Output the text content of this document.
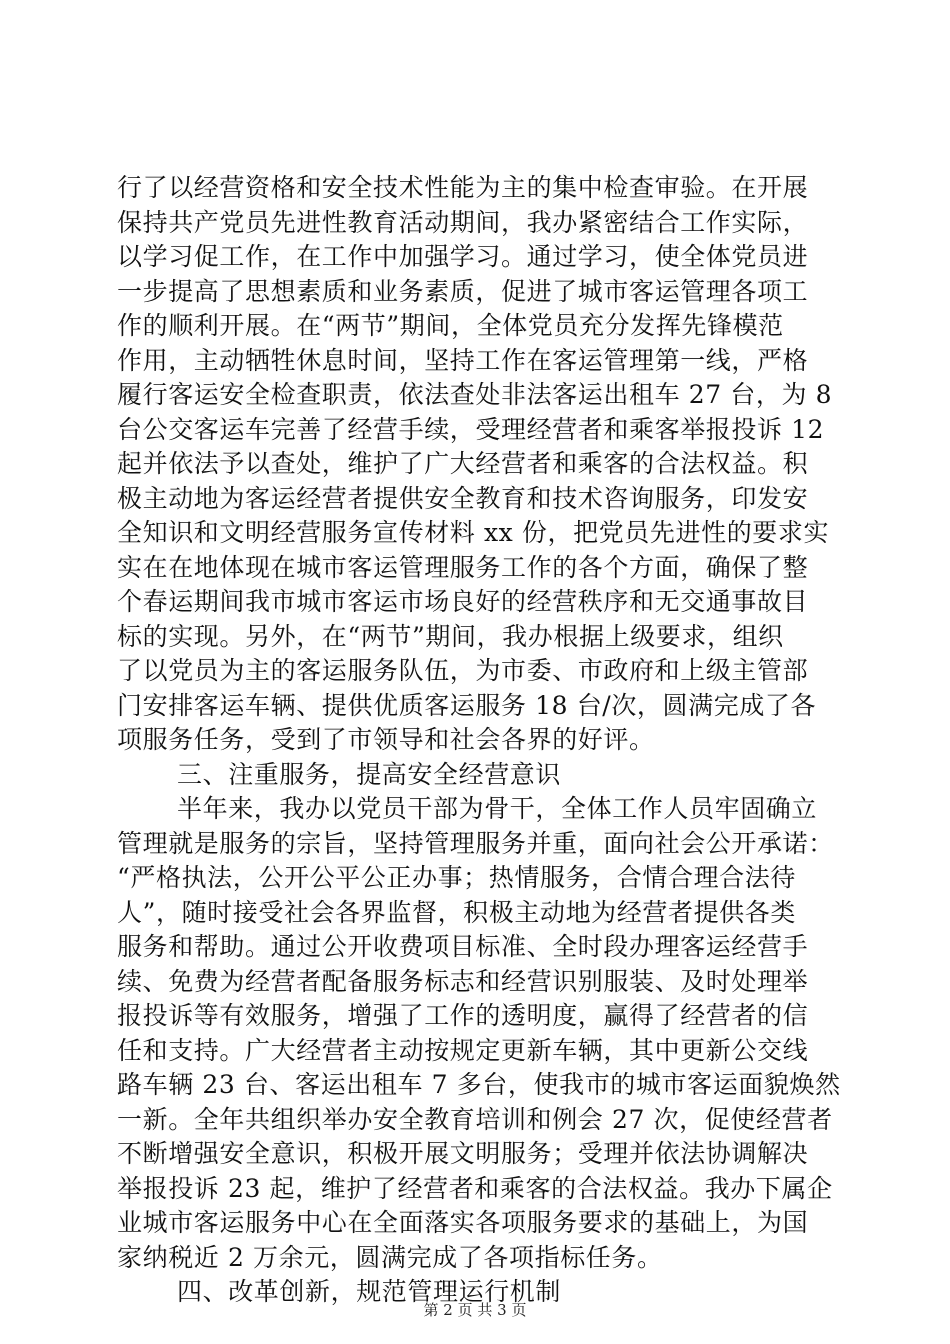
行了以经营资格和安全技术性能为主的集中检查审验。在开展
保持共产党员先进性教育活动期间，我办紧密结合工作实际，
以学习促工作，在工作中加强学习。通过学习，使全体党员进
一步提高了思想素质和业务素质，促进了城市客运管理各项工
作的顺利开展。在“两节”期间，全体党员充分发挥先锋模范
作用，主动牺牲休息时间，坚持工作在客运管理第一线，严格
履行客运安全检查职责，依法查处非法客运出租车 27 台，为 8
台公交客运车完善了经营手续，受理经营者和乘客举报投诉 12
起并依法予以查处，维护了广大经营者和乘客的合法权益。积
极主动地为客运经营者提供安全教育和技术咨询服务，印发安
全知识和文明经营服务宣传材料 xx 份，把党员先进性的要求实
实在在地体现在城市客运管理服务工作的各个方面，确保了整
个春运期间我市城市客运市场良好的经营秩序和无交通事故目
标的实现。另外，在“两节”期间，我办根据上级要求，组织
了以党员为主的客运服务队伍，为市委、市政府和上级主管部
门安排客运车辆、提供优质客运服务 18 台/次，圆满完成了各
项服务任务，受到了市领导和社会各界的好评。
三、注重服务，提高安全经营意识
半年来，我办以党员干部为骨干，全体工作人员牢固确立
管理就是服务的宗旨，坚持管理服务并重，面向社会公开承诺：
“严格执法，公开公平公正办事；热情服务，合情合理合法待
人”，随时接受社会各界监督，积极主动地为经营者提供各类
服务和帮助。通过公开收费项目标准、全时段办理客运经营手
续、免费为经营者配备服务标志和经营识别服装、及时处理举
报投诉等有效服务，增强了工作的透明度，赢得了经营者的信
任和支持。广大经营者主动按规定更新车辆，其中更新公交线
路车辆 23 台、客运出租车 7 多台，使我市的城市客运面貌焕然
一新。全年共组织举办安全教育培训和例会 27 次，促使经营者
不断增强安全意识，积极开展文明服务；受理并依法协调解决
举报投诉 23 起，维护了经营者和乘客的合法权益。我办下属企
业城市客运服务中心在全面落实各项服务要求的基础上，为国
家纳税近 2 万余元，圆满完成了各项指标任务。
四、改革创新，规范管理运行机制
第 2 页 共 3 页
